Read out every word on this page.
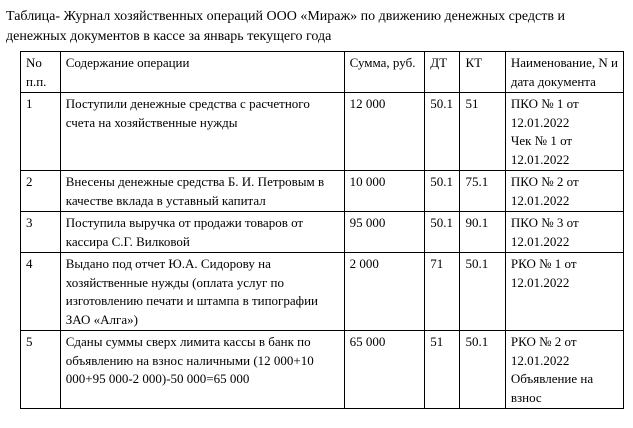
Таблица- Журнал хозяйственных операций ООО «Мираж» по движению денежных средств и денежных документов в кассе за январь текущего года
No п.п.	Содержание операции	Сумма, руб.	ДТ	КТ	Наименование, N и дата документа
1	Поступили денежные средства с расчетного счета на хозяйственные нужды	12 000	50.1	51	ПКО № 1 от 12.01.2022
Чек № 1 от 12.01.2022

2	Внесены денежные средства Б. И. Петровым в качестве вклада в уставный капитал	10 000	50.1	75.1	ПКО № 2 от 12.01.2022

3	Поступила выручка от продажи товаров от кассира С.Г. Вилковой	95 000	50.1	90.1	ПКО № 3 от 12.01.2022

4	Выдано под отчет Ю.А. Сидорову на хозяйственные нужды (оплата услуг по изготовлению печати и штампа в типографии ЗАО «Алга»)	2 000	71	50.1	РКО № 1 от 12.01.2022

5	Сданы суммы сверх лимита кассы в банк по объявлению на взнос наличными (12 000+10 000+95 000-2 000)-50 000=65 000	65 000	51	50.1	РКО № 2 от 12.01.2022
Объявление на взнос
